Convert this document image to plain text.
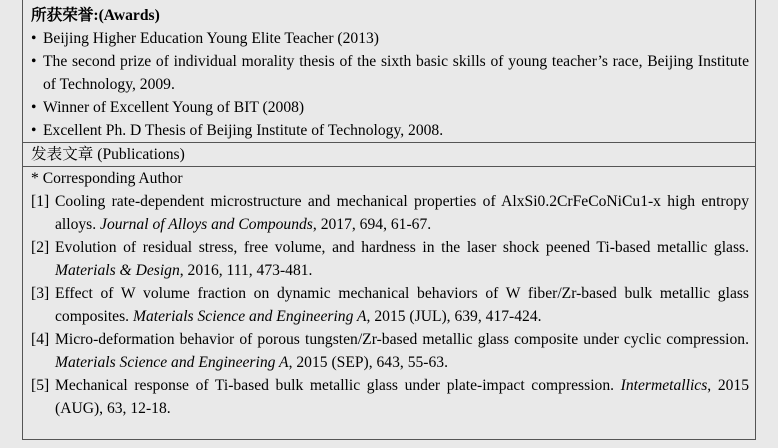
所获荣誉:(Awards)
• Beijing Higher Education Young Elite Teacher (2013)
• The second prize of individual morality thesis of the sixth basic skills of young teacher’s race, Beijing Institute of Technology, 2009.
• Winner of Excellent Young of BIT (2008)
• Excellent Ph. D Thesis of Beijing Institute of Technology, 2008.
发表文章 (Publications)
* Corresponding Author
[1] Cooling rate-dependent microstructure and mechanical properties of AlxSi0.2CrFeCoNiCu1-x high entropy alloys. Journal of Alloys and Compounds, 2017, 694, 61-67.
[2] Evolution of residual stress, free volume, and hardness in the laser shock peened Ti-based metallic glass. Materials & Design, 2016, 111, 473-481.
[3] Effect of W volume fraction on dynamic mechanical behaviors of W fiber/Zr-based bulk metallic glass composites. Materials Science and Engineering A, 2015 (JUL), 639, 417-424.
[4] Micro-deformation behavior of porous tungsten/Zr-based metallic glass composite under cyclic compression. Materials Science and Engineering A, 2015 (SEP), 643, 55-63.
[5] Mechanical response of Ti-based bulk metallic glass under plate-impact compression. Intermetallics, 2015 (AUG), 63, 12-18.
